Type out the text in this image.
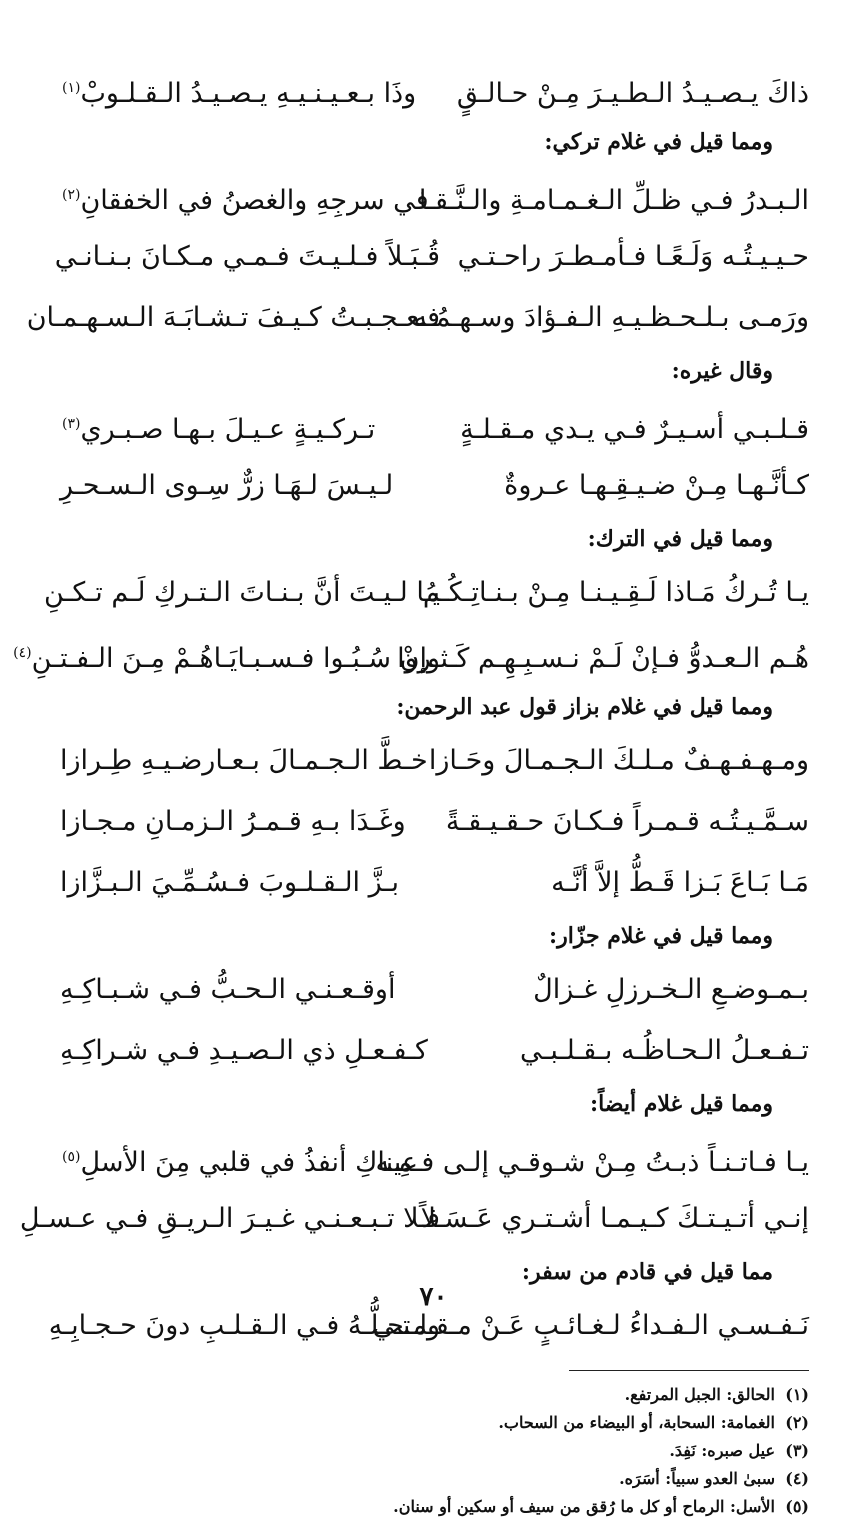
ذاكَ يـصـيـدُ الـطـيـرَ مِـنْ حـالـقٍ
وذَا بـعـيـنـيـهِ يـصـيـدُ الـقـلـوبْ$^{(١)}$
ومما قيل في غلام تركي:
الـبـدرُ فـي ظـلِّ الـغـمـامـةِ والـنَّـقـا
في سرجِهِ والغصنُ في الخفقانِ$^{(٢)}$
حـيـيـتُـه وَلَـعًـا فـأمـطـرَ راحـتـي
قُـبَـلاً فـلـيـتَ فـمـي مـكـانَ بـنـانـي
ورَمـى بـلـحـظـيـهِ الـفـؤادَ وسـهـمُـه
فـعـجـبـتُ كـيـفَ تـشـابَـهَ الـسـهـمـان
وقال غيره:
قـلـبـي أسـيـرٌ فـي يـدي مـقـلـةٍ
تـركـيـةٍ عـيـلَ بـهـا صـبـري$^{(٣)}$
كـأنَّـهـا مِـنْ ضـيـقِـهـا عـروةٌ
لـيـسَ لـهَـا زرٌّ سِـوى الـسـحـرِ
ومما قيل في الترك:
يـا تُـركُ مَـاذا لَـقِـيـنـا مِـنْ بـنـاتِـكُـمُ
يـا لـيـتَ أنَّ بـنـاتَ الـتـركِ لَـم تـكـنِ
هُـم الـعـدوُّ فـإنْ لَـمْ نـسـبِـهِـم كَـثـروا
وإنْ سُـبُـوا فـسـبـايَـاهُـمْ مِـنَ الـفـتـنِ$^{(٤)}$
ومما قيل في غلام بزاز قول عبد الرحمن:
ومـهـفـهـفٌ مـلـكَ الـجـمـالَ وحَـازا
خـطَّ الـجـمـالَ بـعـارضـيـهِ طِـرازا
سـمَّـيـتُـه قـمـراً فـكـانَ حـقـيـقـةً
وغَـدَا بـهِ قـمـرُ الـزمـانِ مـجـازا
مَـا بَـاعَ بَـزا قَـطُّ إلاَّ أنَّـه
بـزَّ الـقـلـوبَ فـسُـمِّـيَ الـبـزَّازا
ومما قيل في غلام جزّار:
بـمـوضـعِ الـخـرزلِ غـزالٌ
أوقـعـنـي الـحـبُّ فـي شـبـاكِـهِ
تـفـعـلُ الـحـاظُـه بـقـلـبـي
كـفـعـلِ ذي الـصـيـدِ فـي شـراكِـهِ
ومما قيل غلام أيضاً:
يـا فـاتـنـاً ذبـتُ مِـنْ شـوقـي إلـى فـمِـه
عيناكِ أنفذُ في قلبي مِنَ الأسلِ$^{(٥)}$
إنـي أتـيـتـكَ كـيـمـا أشـتـري عَـسَـلاً
فـلا تـبـعـنـي غـيـرَ الـريـقِ فـي عـسـلِ
مما قيل في قادم من سفر:
نَـفـسـي الـفـداءُ لـغـائـبٍ عَـنْ مـقـلـتـي
ومـحـلُّـهُ فـي الـقـلـبِ دونَ حـجـابِـهِ
(١)الحالق: الجبل المرتفع.
(٢)الغمامة: السحابة، أو البيضاء من السحاب.
(٣)عيل صبره: نَفِدَ.
(٤)سبىٰ العدو سبياً: أسَرَه.
(٥)الأسل: الرماح أو كل ما رُقق من سيف أو سكين أو سنان.
٧٠
